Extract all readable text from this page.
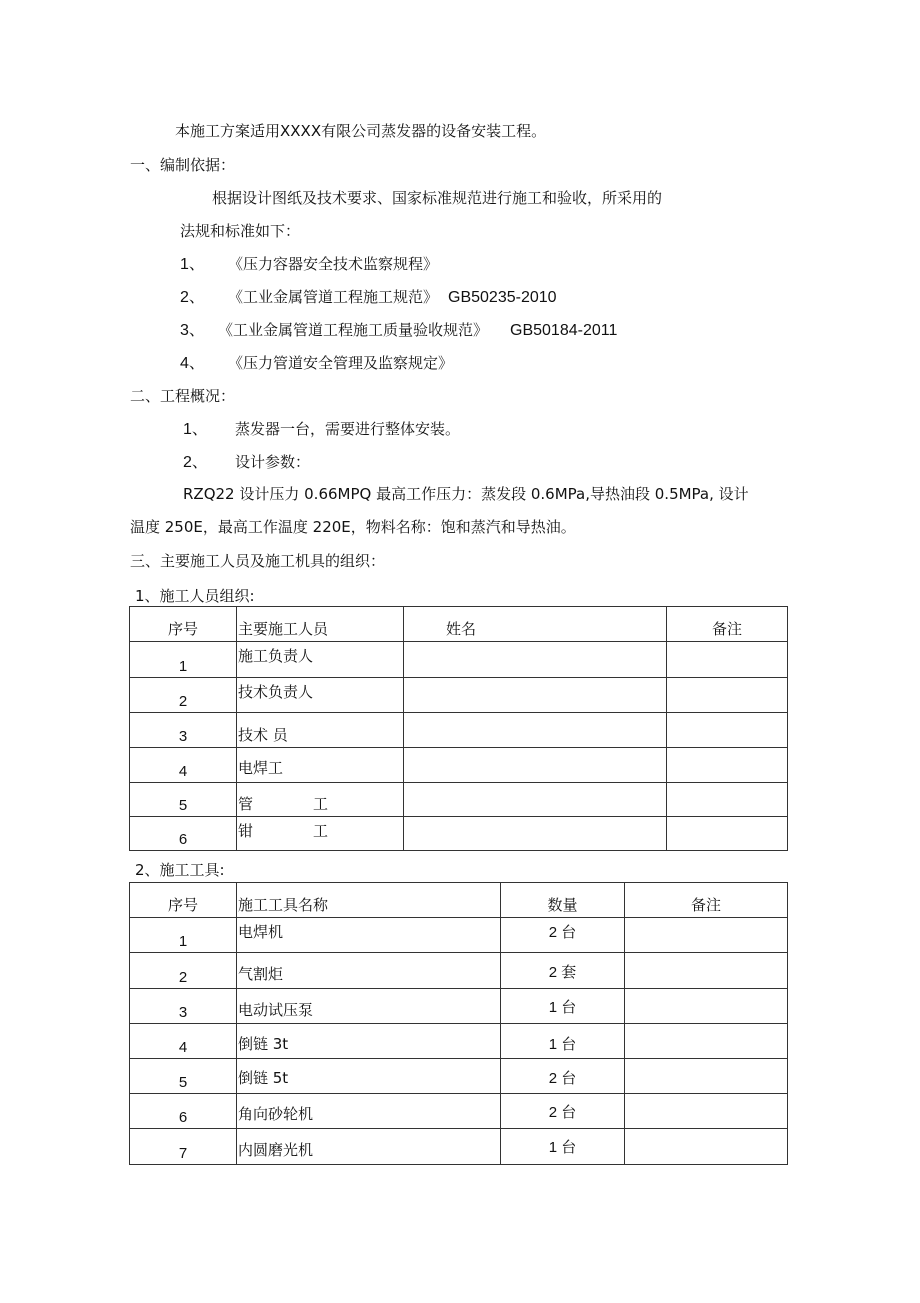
本施工方案适用XXXX有限公司蒸发器的设备安装工程。
一、编制依据：
根据设计图纸及技术要求、国家标准规范进行施工和验收，所采用的
法规和标准如下：
1、 《压力容器安全技术监察规程》
2、 《工业金属管道工程施工规范》 GB50235-2010
3、 《工业金属管道工程施工质量验收规范》 GB50184-2011
4、 《压力管道安全管理及监察规定》
二、工程概况：
1、 蒸发器一台，需要进行整体安装。
2、 设计参数：
RZQ22 设计压力 0.66MPQ 最高工作压力：蒸发段 0.6MPa,导热油段 0.5MPa, 设计
温度 250E，最高工作温度 220E，物料名称：饱和蒸汽和导热油。
三、主要施工人员及施工机具的组织：
1、施工人员组织:
序号	主要施工人员	姓名	备注
1	施工负责人		
2	技术负责人		
3	技术 员		
4	电焊工		
5	管 工		
6	钳 工		
2、施工工具:
序号	施工工具名称	数量	备注
1	电焊机	2 台	
2	气割炬	2 套	
3	电动试压泵	1 台	
4	倒链 3t	1 台	
5	倒链 5t	2 台	
6	角向砂轮机	2 台	
7	内圆磨光机	1 台	
